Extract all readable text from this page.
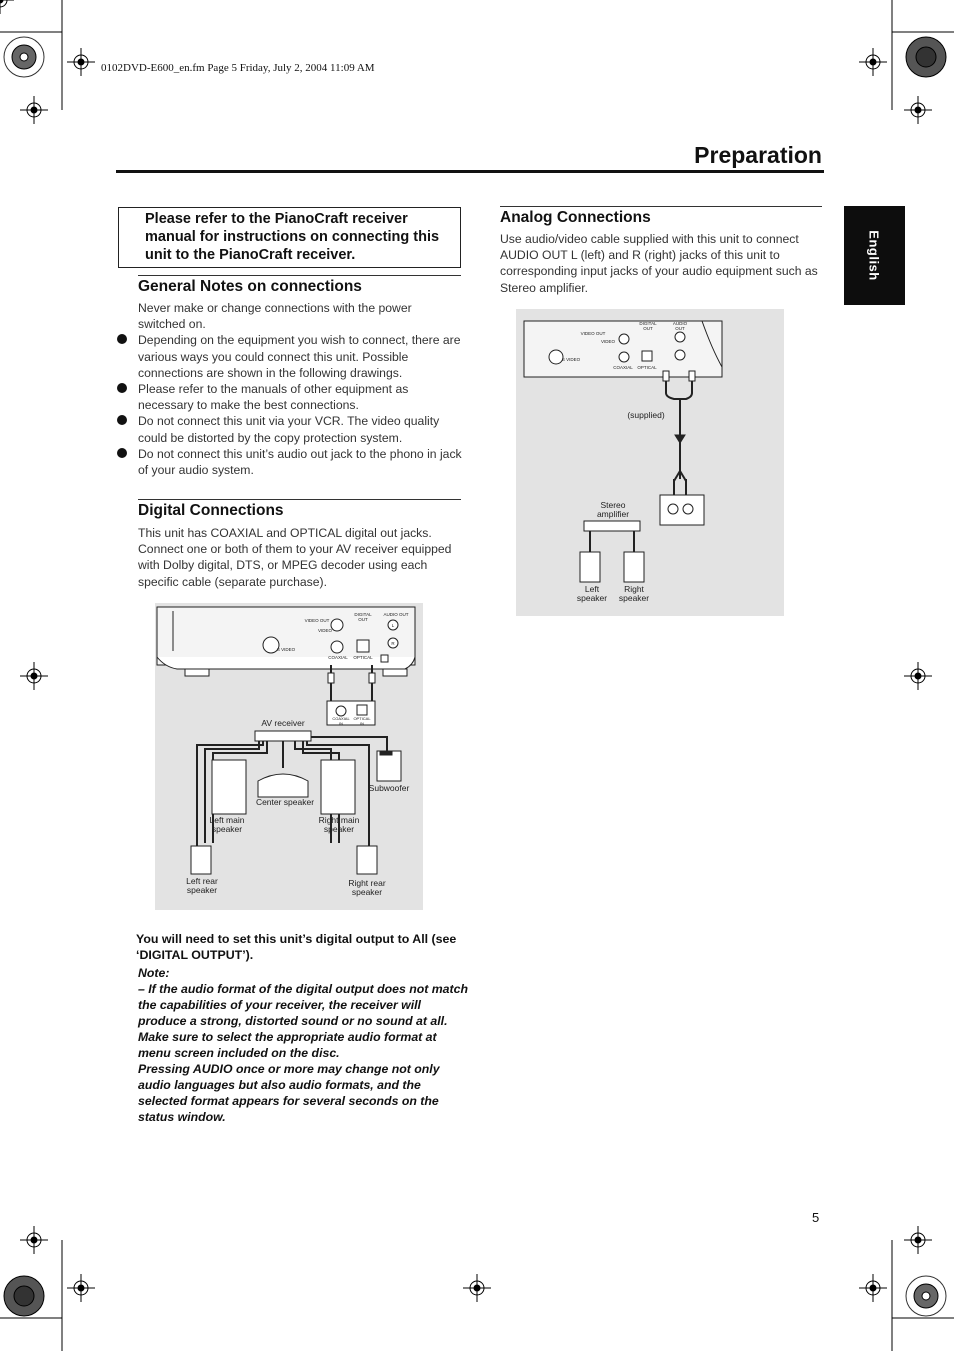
0102DVD-E600_en.fm Page 5 Friday, July 2, 2004 11:09 AM
Preparation
English
Please refer to the PianoCraft receiver manual for instructions on connecting this unit to the PianoCraft receiver.
General Notes on connections
Never make or change connections with the power switched on.
Depending on the equipment you wish to connect, there are various ways you could connect this unit. Possible connections are shown in the following drawings.
Please refer to the manuals of other equipment as necessary to make the best connections.
Do not connect this unit via your VCR. The video quality could be distorted by the copy protection system.
Do not connect this unit’s audio out jack to the phono in jack of your audio system.
Digital Connections
This unit has COAXIAL and OPTICAL digital out jacks. Connect one or both of them to your AV receiver equipped with Dolby digital, DTS, or MPEG decoder using each specific cable (separate purchase).
VIDEO OUT
DIGITAL OUT
AUDIO OUT
VIDEO
S VIDEO
COAXIAL	OPTICAL
L
R
COAXIAL IN
OPTICAL IN
AV receiver
Center speaker
Subwoofer
Left main speaker
Right main speaker
Left rear speaker
Right rear speaker
You will need to set this unit’s digital output to All (see ‘DIGITAL OUTPUT’).
Note:
– If the audio format of the digital output does not match the capabilities of your receiver, the receiver will produce a strong, distorted sound or no sound at all. Make sure to select the appropriate audio format at menu screen included on the disc.
Pressing AUDIO once or more may change not only audio languages but also audio formats, and the selected format appears for several seconds on the status window.
Analog Connections
Use audio/video cable supplied with this unit to connect AUDIO OUT L (left) and R (right) jacks of this unit to corresponding input jacks of your audio equipment such as Stereo amplifier.
VIDEO OUT
DIGITAL OUT
AUDIO OUT
VIDEO
S VIDEO
COAXIAL	OPTICAL
(supplied)
Stereo amplifier
Left speaker
Right speaker
5
